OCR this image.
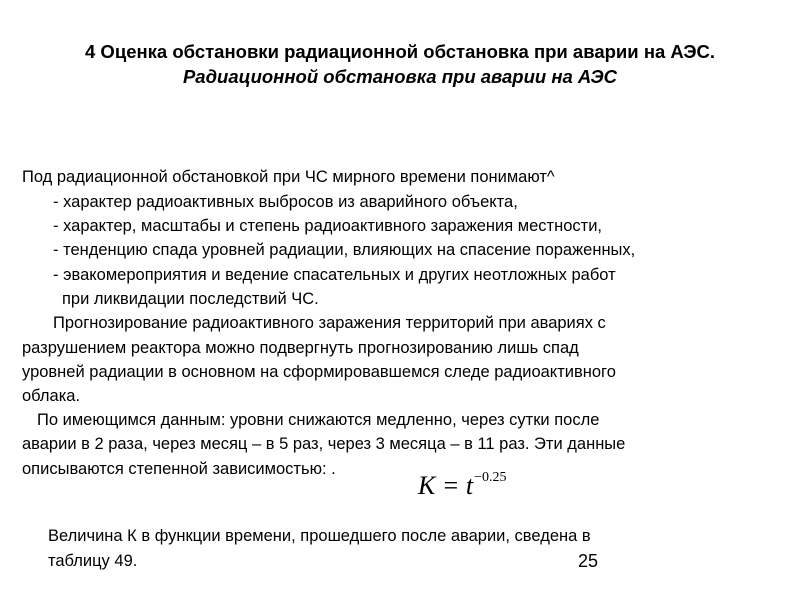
4 Оценка обстановки радиационной обстановка при аварии на АЭС.
Радиационной обстановка при аварии на АЭС
Под радиационной обстановкой при ЧС мирного времени понимают^
- характер радиоактивных выбросов из аварийного объекта,
- характер, масштабы и степень радиоактивного заражения местности,
- тенденцию спада уровней радиации, влияющих на спасение пораженных,
- эвакомероприятия и ведение спасательных и других неотложных работ
при ликвидации последствий ЧС.
Прогнозирование радиоактивного заражения территорий при авариях с
разрушением реактора можно подвергнуть прогнозированию лишь спад
уровней радиации в основном на сформировавшемся следе радиоактивного
облака.
По имеющимся данным: уровни снижаются медленно, через сутки после
аварии в 2 раза, через месяц – в 5 раз, через 3 месяца – в 11 раз. Эти данные
описываются степенной зависимостью: .
K = t−0.25
Величина К в функции времени, прошедшего после аварии, сведена в
таблицу 49.	25
